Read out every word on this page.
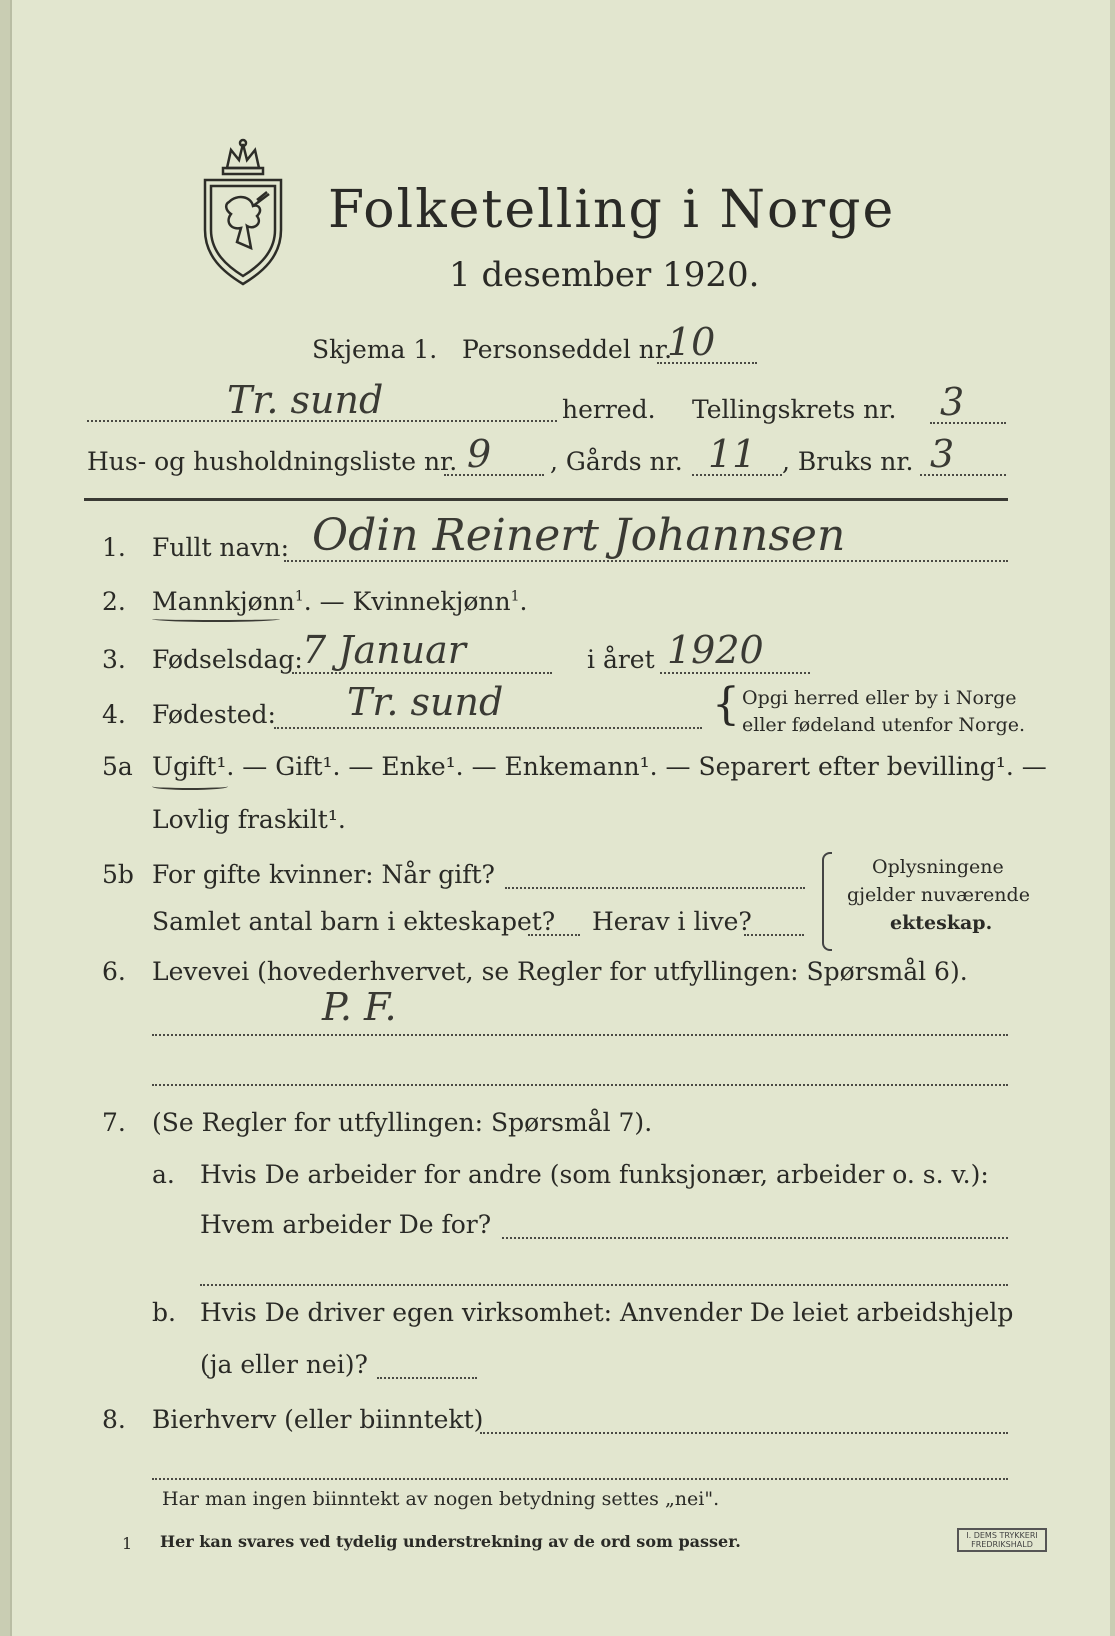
Folketelling i Norge
1 desember 1920.
Skjema 1. Personseddel nr.
10
Tr. sund	herred. Tellingskrets nr. 3
Hus- og husholdningsliste nr. 9 , Gårds nr. 11 , Bruks nr. 3
1. Fullt navn: Odin Reinert Johannsen
2. Mannkjønn$^1$. — Kvinnekjønn$^1$.
3. Fødselsdag: 7 Januar	i året 1920
4. Fødested: Tr. sund	{ Opgi herred eller by i Norge
eller fødeland utenfor Norge.
5a Ugift¹. — Gift¹. — Enke¹. — Enkemann¹. — Separert efter bevilling¹. —
Lovlig fraskilt¹.
5b For gifte kvinner: Når gift?
Samlet antal barn i ekteskapet? Herav i live?
Oplysningene
gjelder nuværende
ekteskap.
6. Levevei (hovederhvervet, se Regler for utfyllingen: Spørsmål 6).
P. F.
7. (Se Regler for utfyllingen: Spørsmål 7).
a. Hvis De arbeider for andre (som funksjonær, arbeider o. s. v.):
Hvem arbeider De for?
b. Hvis De driver egen virksomhet: Anvender De leiet arbeidshjelp
(ja eller nei)?
8. Bierhverv (eller biinntekt)
Har man ingen biinntekt av nogen betydning settes „nei".
1 Her kan svares ved tydelig understrekning av de ord som passer.	I. DEMS TRYKKERI
FREDRIKSHALD
